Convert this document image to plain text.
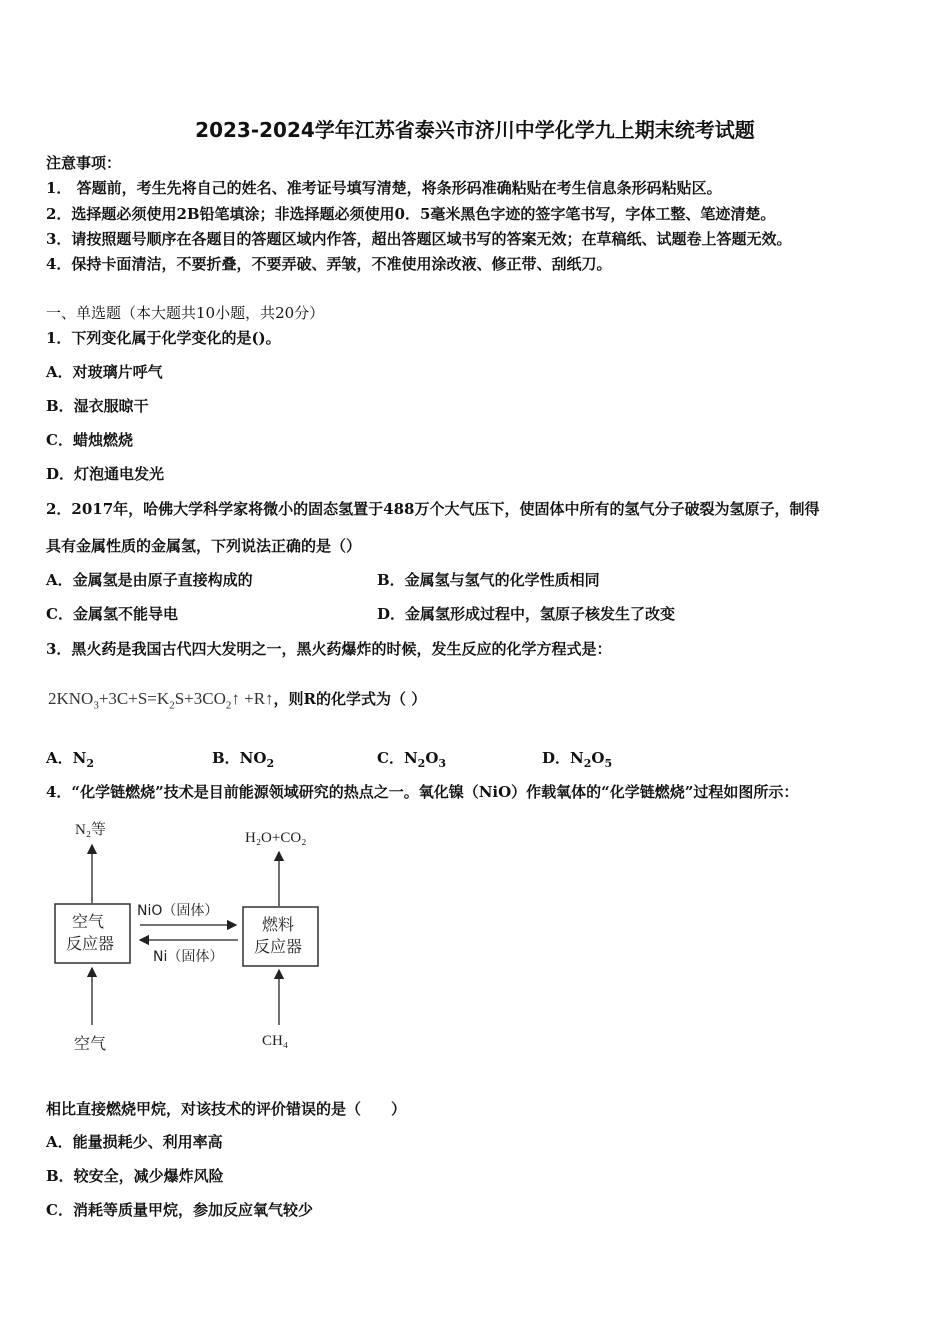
2023-2024学年江苏省泰兴市济川中学化学九上期末统考试题
注意事项：
1． 答题前，考生先将自己的姓名、准考证号填写清楚，将条形码准确粘贴在考生信息条形码粘贴区。
2．选择题必须使用2B铅笔填涂；非选择题必须使用0．5毫米黑色字迹的签字笔书写，字体工整、笔迹清楚。
3．请按照题号顺序在各题目的答题区域内作答，超出答题区域书写的答案无效；在草稿纸、试题卷上答题无效。
4．保持卡面清洁，不要折叠，不要弄破、弄皱，不准使用涂改液、修正带、刮纸刀。
一、单选题（本大题共10小题，共20分）
1．下列变化属于化学变化的是()。
A．对玻璃片呼气
B．湿衣服晾干
C．蜡烛燃烧
D．灯泡通电发光
2．2017年，哈佛大学科学家将微小的固态氢置于488万个大气压下，使固体中所有的氢气分子破裂为氢原子，制得
具有金属性质的金属氢，下列说法正确的是（）
A．金属氢是由原子直接构成的	B．金属氢与氢气的化学性质相同
C．金属氢不能导电	D．金属氢形成过程中，氢原子核发生了改变
3．黑火药是我国古代四大发明之一，黑火药爆炸的时候，发生反应的化学方程式是：
$2KNO_3+3C+S=K_2S+3CO_2↑$ +R↑，则R的化学式为（ ）
A．$N_2$	B．$NO_2$	C．$N_2O_3$	D．$N_2O_5$
4．“化学链燃烧”技术是目前能源领域研究的热点之一。氧化镍（NiO）作载氧体的“化学链燃烧”过程如图所示：
N₂等	H₂O+CO₂
空气
反应器
燃料
反应器
NiO（固体）
Ni（固体）
空气	CH₄
相比直接燃烧甲烷，对该技术的评价错误的是（　　）
A．能量损耗少、利用率高
B．较安全，减少爆炸风险
C．消耗等质量甲烷，参加反应氧气较少
